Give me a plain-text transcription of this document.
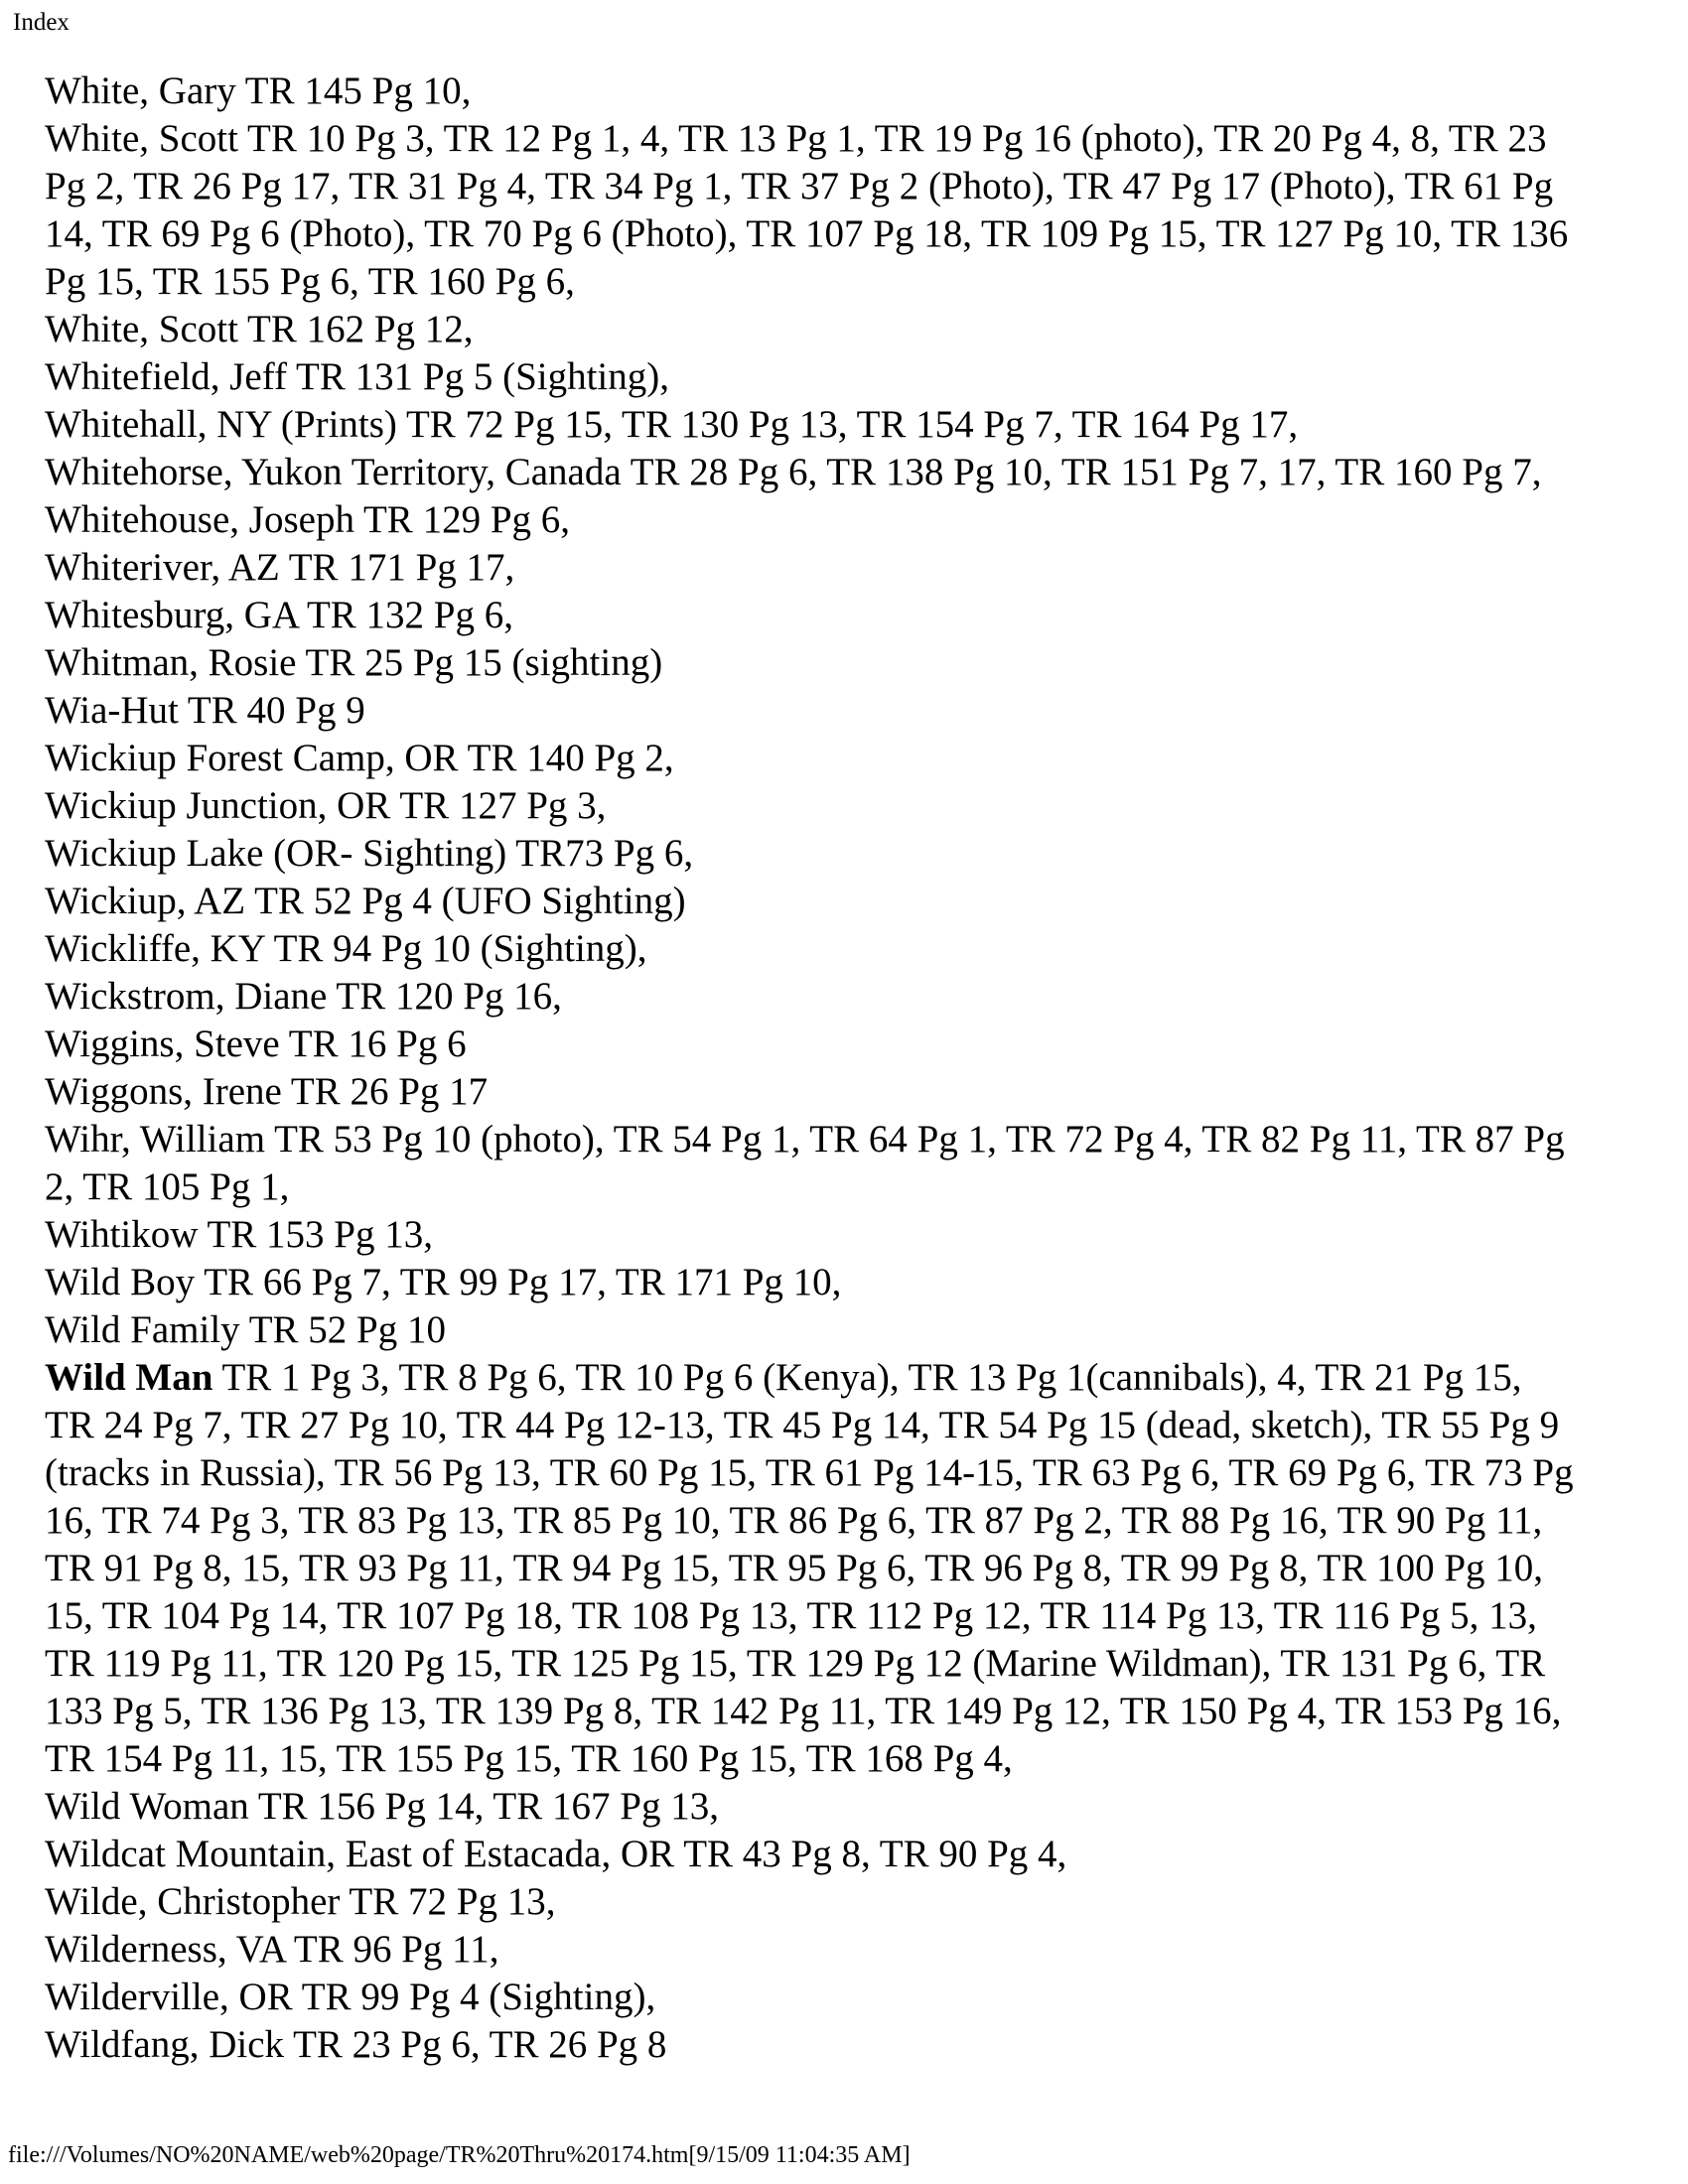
Index
White, Gary TR 145 Pg 10,
White, Scott TR 10 Pg 3, TR 12 Pg 1, 4, TR 13 Pg 1, TR 19 Pg 16 (photo), TR 20 Pg 4, 8, TR 23
Pg 2, TR 26 Pg 17, TR 31 Pg 4, TR 34 Pg 1, TR 37 Pg 2 (Photo), TR 47 Pg 17 (Photo), TR 61 Pg
14, TR 69 Pg 6 (Photo), TR 70 Pg 6 (Photo), TR 107 Pg 18, TR 109 Pg 15, TR 127 Pg 10, TR 136
Pg 15, TR 155 Pg 6, TR 160 Pg 6,
White, Scott TR 162 Pg 12,
Whitefield, Jeff TR 131 Pg 5 (Sighting),
Whitehall, NY (Prints) TR 72 Pg 15, TR 130 Pg 13, TR 154 Pg 7, TR 164 Pg 17,
Whitehorse, Yukon Territory, Canada TR 28 Pg 6, TR 138 Pg 10, TR 151 Pg 7, 17, TR 160 Pg 7,
Whitehouse, Joseph TR 129 Pg 6,
Whiteriver, AZ TR 171 Pg 17,
Whitesburg, GA TR 132 Pg 6,
Whitman, Rosie TR 25 Pg 15 (sighting)
Wia-Hut TR 40 Pg 9
Wickiup Forest Camp, OR TR 140 Pg 2,
Wickiup Junction, OR TR 127 Pg 3,
Wickiup Lake (OR- Sighting) TR73 Pg 6,
Wickiup, AZ TR 52 Pg 4 (UFO Sighting)
Wickliffe, KY TR 94 Pg 10 (Sighting),
Wickstrom, Diane TR 120 Pg 16,
Wiggins, Steve TR 16 Pg 6
Wiggons, Irene TR 26 Pg 17
Wihr, William TR 53 Pg 10 (photo), TR 54 Pg 1, TR 64 Pg 1, TR 72 Pg 4, TR 82 Pg 11, TR 87 Pg
2, TR 105 Pg 1,
Wihtikow TR 153 Pg 13,
Wild Boy TR 66 Pg 7, TR 99 Pg 17, TR 171 Pg 10,
Wild Family TR 52 Pg 10
Wild Man TR 1 Pg 3, TR 8 Pg 6, TR 10 Pg 6 (Kenya), TR 13 Pg 1(cannibals), 4, TR 21 Pg 15,
TR 24 Pg 7, TR 27 Pg 10, TR 44 Pg 12-13, TR 45 Pg 14, TR 54 Pg 15 (dead, sketch), TR 55 Pg 9
(tracks in Russia), TR 56 Pg 13, TR 60 Pg 15, TR 61 Pg 14-15, TR 63 Pg 6, TR 69 Pg 6, TR 73 Pg
16, TR 74 Pg 3, TR 83 Pg 13, TR 85 Pg 10, TR 86 Pg 6, TR 87 Pg 2, TR 88 Pg 16, TR 90 Pg 11,
TR 91 Pg 8, 15, TR 93 Pg 11, TR 94 Pg 15, TR 95 Pg 6, TR 96 Pg 8, TR 99 Pg 8, TR 100 Pg 10,
15, TR 104 Pg 14, TR 107 Pg 18, TR 108 Pg 13, TR 112 Pg 12, TR 114 Pg 13, TR 116 Pg 5, 13,
TR 119 Pg 11, TR 120 Pg 15, TR 125 Pg 15, TR 129 Pg 12 (Marine Wildman), TR 131 Pg 6, TR
133 Pg 5, TR 136 Pg 13, TR 139 Pg 8, TR 142 Pg 11, TR 149 Pg 12, TR 150 Pg 4, TR 153 Pg 16,
TR 154 Pg 11, 15, TR 155 Pg 15, TR 160 Pg 15, TR 168 Pg 4,
Wild Woman TR 156 Pg 14, TR 167 Pg 13,
Wildcat Mountain, East of Estacada, OR TR 43 Pg 8, TR 90 Pg 4,
Wilde, Christopher TR 72 Pg 13,
Wilderness, VA TR 96 Pg 11,
Wilderville, OR TR 99 Pg 4 (Sighting),
Wildfang, Dick TR 23 Pg 6, TR 26 Pg 8
file:///Volumes/NO%20NAME/web%20page/TR%20Thru%20174.htm[9/15/09 11:04:35 AM]
